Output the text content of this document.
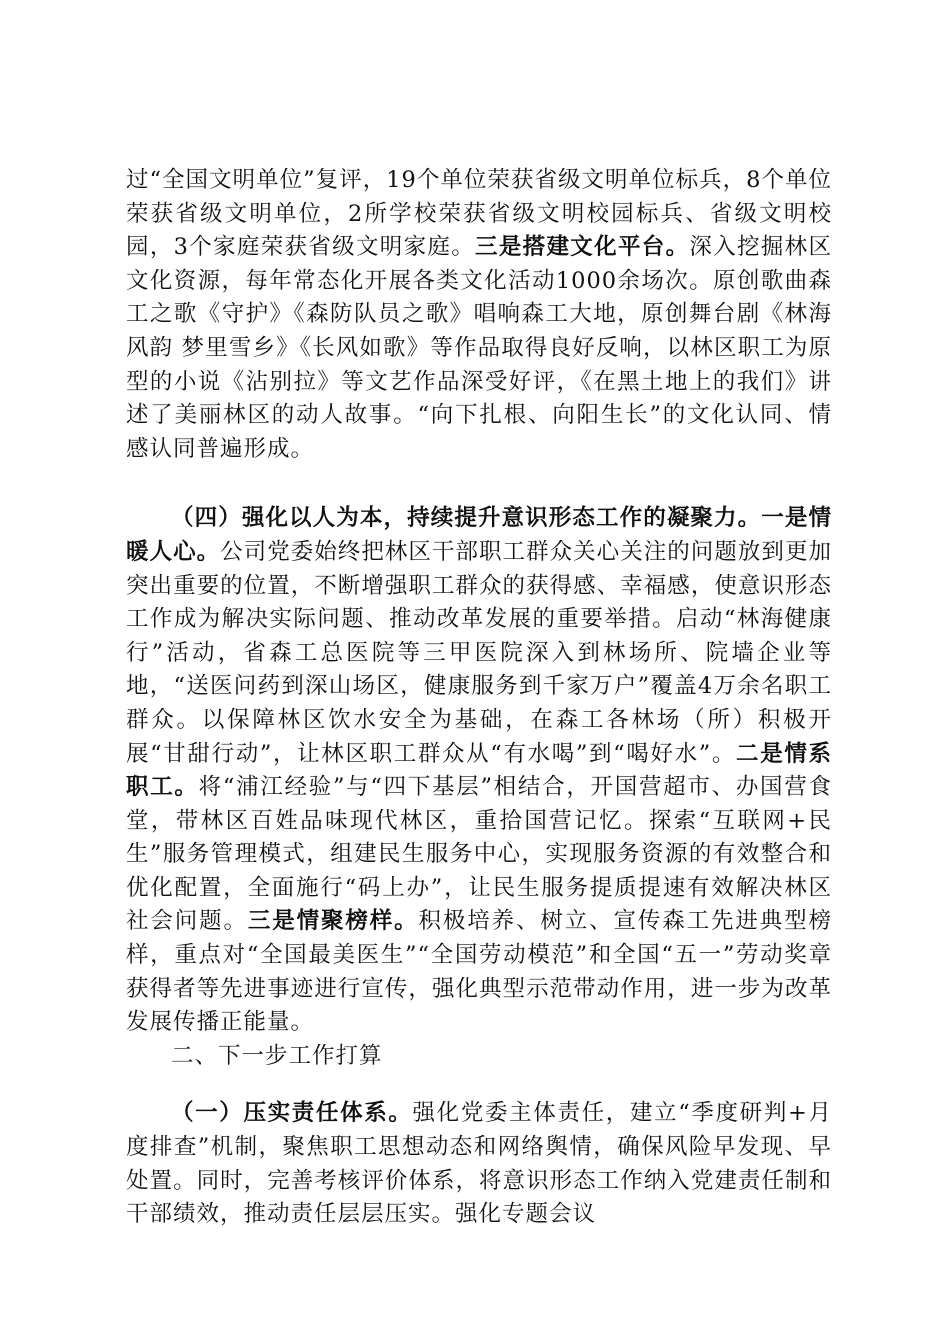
过“全国文明单位”复评，19个单位荣获省级文明单位标兵，8个单位荣获省级文明单位，2所学校荣获省级文明校园标兵、省级文明校园，3个家庭荣获省级文明家庭。三是搭建文化平台。深入挖掘林区文化资源，每年常态化开展各类文化活动1000余场次。原创歌曲森工之歌《守护》《森防队员之歌》唱响森工大地，原创舞台剧《林海风韵 梦里雪乡》《长风如歌》等作品取得良好反响，以林区职工为原型的小说《沾别拉》等文艺作品深受好评，《在黑土地上的我们》讲述了美丽林区的动人故事。“向下扎根、向阳生长”的文化认同、情感认同普遍形成。

（四）强化以人为本，持续提升意识形态工作的凝聚力。一是情暖人心。公司党委始终把林区干部职工群众关心关注的问题放到更加突出重要的位置，不断增强职工群众的获得感、幸福感，使意识形态工作成为解决实际问题、推动改革发展的重要举措。启动“林海健康行”活动，省森工总医院等三甲医院深入到林场所、院墙企业等地，“送医问药到深山场区，健康服务到千家万户”覆盖4万余名职工群众。以保障林区饮水安全为基础，在森工各林场（所）积极开展“甘甜行动”，让林区职工群众从“有水喝”到“喝好水”。二是情系职工。将“浦江经验”与“四下基层”相结合，开国营超市、办国营食堂，带林区百姓品味现代林区，重拾国营记忆。探索“互联网+民生”服务管理模式，组建民生服务中心，实现服务资源的有效整合和优化配置，全面施行“码上办”，让民生服务提质提速有效解决林区社会问题。三是情聚榜样。积极培养、树立、宣传森工先进典型榜样，重点对“全国最美医生”“全国劳动模范”和全国“五一”劳动奖章获得者等先进事迹进行宣传，强化典型示范带动作用，进一步为改革发展传播正能量。

二、下一步工作打算

（一）压实责任体系。强化党委主体责任，建立“季度研判+月度排查”机制，聚焦职工思想动态和网络舆情，确保风险早发现、早处置。同时，完善考核评价体系，将意识形态工作纳入党建责任制和干部绩效，推动责任层层压实。强化专题会议
